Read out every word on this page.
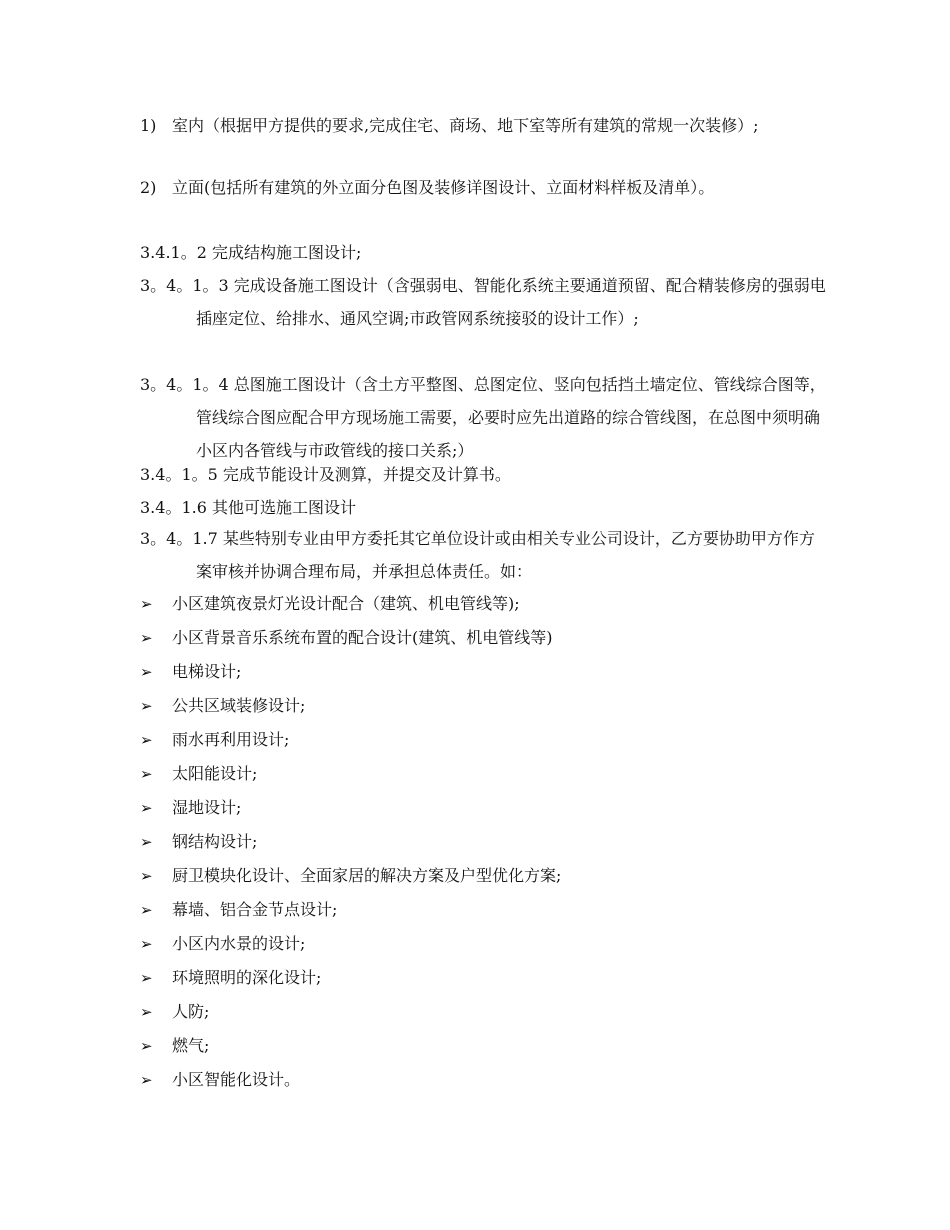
1) 室内（根据甲方提供的要求,完成住宅、商场、地下室等所有建筑的常规一次装修）;
2) 立面(包括所有建筑的外立面分色图及装修详图设计、立面材料样板及清单）。
3.4.1。2 完成结构施工图设计;
3。4。1。3 完成设备施工图设计（含强弱电、智能化系统主要通道预留、配合精装修房的强弱电插座定位、给排水、通风空调;市政管网系统接驳的设计工作）;
3。4。1。4 总图施工图设计（含土方平整图、总图定位、竖向包括挡土墙定位、管线综合图等，管线综合图应配合甲方现场施工需要，必要时应先出道路的综合管线图，在总图中须明确小区内各管线与市政管线的接口关系;）
3.4。1。5 完成节能设计及测算，并提交及计算书。
3.4。1.6 其他可选施工图设计
3。4。1.7 某些特别专业由甲方委托其它单位设计或由相关专业公司设计，乙方要协助甲方作方案审核并协调合理布局，并承担总体责任。如：
➢ 小区建筑夜景灯光设计配合（建筑、机电管线等);
➢ 小区背景音乐系统布置的配合设计(建筑、机电管线等)
➢ 电梯设计;
➢ 公共区域装修设计;
➢ 雨水再利用设计;
➢ 太阳能设计;
➢ 湿地设计;
➢ 钢结构设计;
➢ 厨卫模块化设计、全面家居的解决方案及户型优化方案;
➢ 幕墙、铝合金节点设计;
➢ 小区内水景的设计;
➢ 环境照明的深化设计;
➢ 人防;
➢ 燃气;
➢ 小区智能化设计。
